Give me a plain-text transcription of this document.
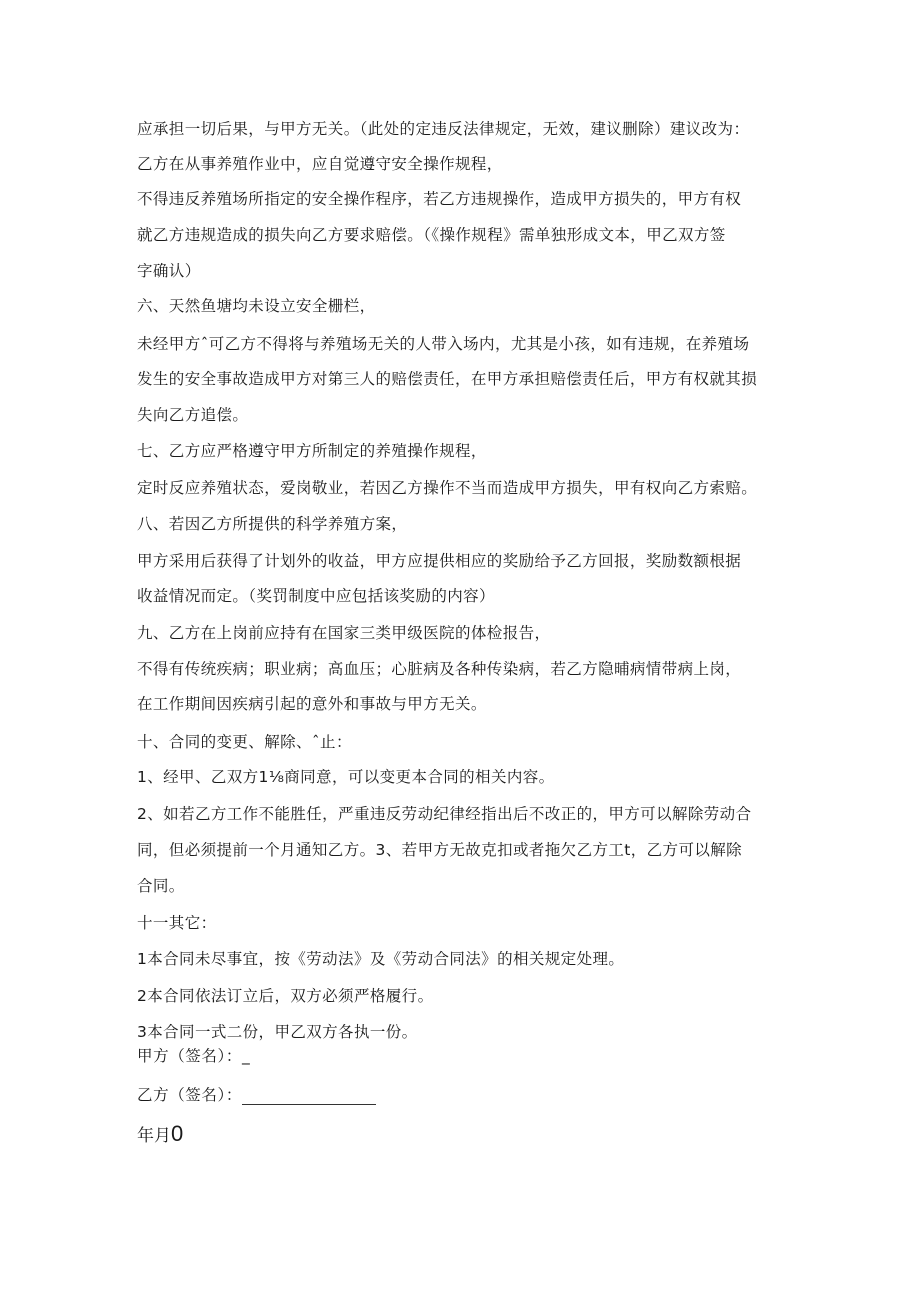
应承担一切后果，与甲方无关。（此处的定违反法律规定，无效，建议删除）建议改为：
乙方在从事养殖作业中，应自觉遵守安全操作规程，
不得违反养殖场所指定的安全操作程序，若乙方违规操作，造成甲方损失的，甲方有权
就乙方违规造成的损失向乙方要求赔偿。（《操作规程》需单独形成文本，甲乙双方签
字确认）
六、天然鱼塘均未设立安全栅栏，
未经甲方ˆ可乙方不得将与养殖场无关的人带入场内，尤其是小孩，如有违规，在养殖场
发生的安全事故造成甲方对第三人的赔偿责任，在甲方承担赔偿责任后，甲方有权就其损
失向乙方追偿。
七、乙方应严格遵守甲方所制定的养殖操作规程，
定时反应养殖状态，爱岗敬业，若因乙方操作不当而造成甲方损失，甲有权向乙方索赔。
八、若因乙方所提供的科学养殖方案，
甲方采用后获得了计划外的收益，甲方应提供相应的奖励给予乙方回报，奖励数额根据
收益情况而定。（奖罚制度中应包括该奖励的内容）
九、乙方在上岗前应持有在国家三类甲级医院的体检报告，
不得有传统疾病；职业病；高血压；心脏病及各种传染病，若乙方隐晡病情带病上岗，
在工作期间因疾病引起的意外和事故与甲方无关。
十、合同的变更、解除、ˆ止：
1、经甲、乙双方1⅛商同意，可以变更本合同的相关内容。
2、如若乙方工作不能胜任，严重违反劳动纪律经指出后不改正的，甲方可以解除劳动合
同，但必须提前一个月通知乙方。3、若甲方无故克扣或者拖欠乙方工t，乙方可以解除
合同。
十一其它：
1本合同未尽事宜，按《劳动法》及《劳动合同法》的相关规定处理。
2本合同依法订立后，双方必须严格履行。
3本合同一式二份，甲乙双方各执一份。
甲方（签名）：_
乙方（签名）：
年月0
